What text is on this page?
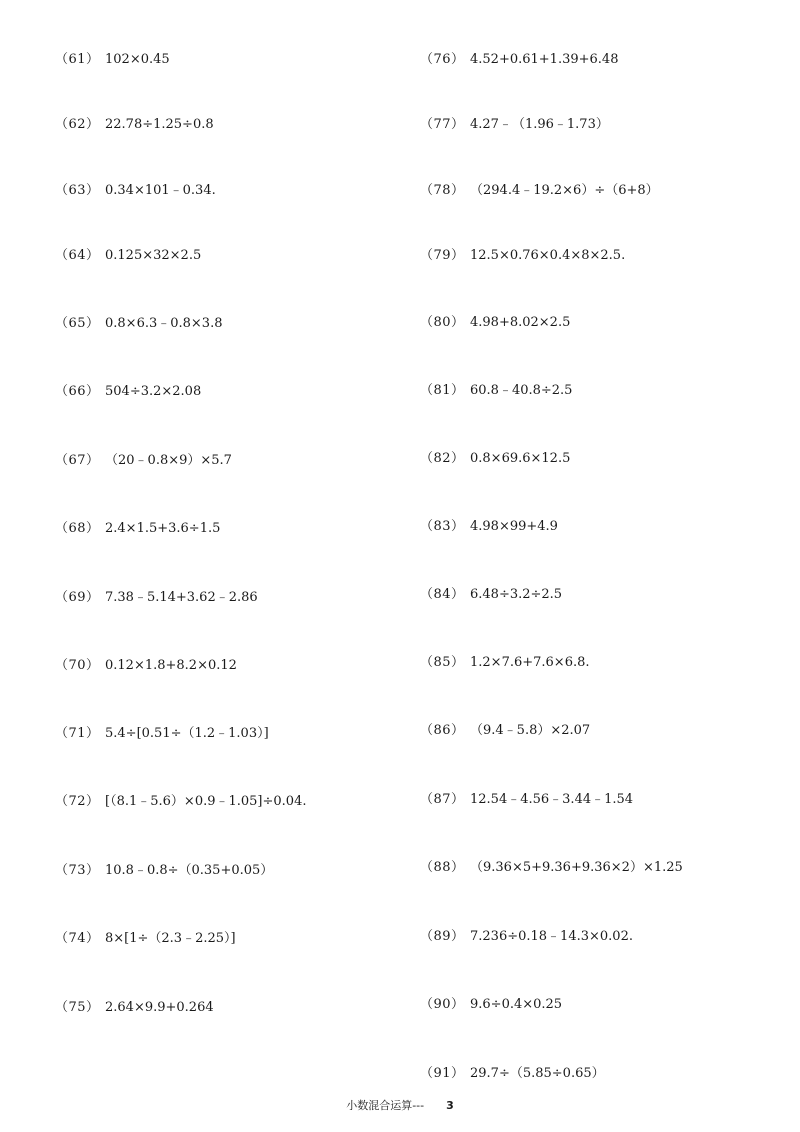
（61） 102×0.45
（62） 22.78÷1.25÷0.8
（63） 0.34×101﹣0.34.
（64） 0.125×32×2.5
（65） 0.8×6.3﹣0.8×3.8
（66） 504÷3.2×2.08
（67） （20﹣0.8×9）×5.7
（68） 2.4×1.5+3.6÷1.5
（69） 7.38﹣5.14+3.62﹣2.86
（70） 0.12×1.8+8.2×0.12
（71） 5.4÷[0.51÷（1.2﹣1.03）]
（72） [（8.1﹣5.6）×0.9﹣1.05]÷0.04.
（73） 10.8﹣0.8÷（0.35+0.05）
（74） 8×[1÷（2.3﹣2.25）]
（75） 2.64×9.9+0.264
（76） 4.52+0.61+1.39+6.48
（77） 4.27﹣（1.96﹣1.73）
（78） （294.4﹣19.2×6）÷（6+8）
（79） 12.5×0.76×0.4×8×2.5.
（80） 4.98+8.02×2.5
（81） 60.8﹣40.8÷2.5
（82） 0.8×69.6×12.5
（83） 4.98×99+4.9
（84） 6.48÷3.2÷2.5
（85） 1.2×7.6+7.6×6.8.
（86） （9.4﹣5.8）×2.07
（87） 12.54﹣4.56﹣3.44﹣1.54
（88） （9.36×5+9.36+9.36×2）×1.25
（89） 7.236÷0.18﹣14.3×0.02.
（90） 9.6÷0.4×0.25
（91） 29.7÷（5.85÷0.65）
小数混合运算--- 3
